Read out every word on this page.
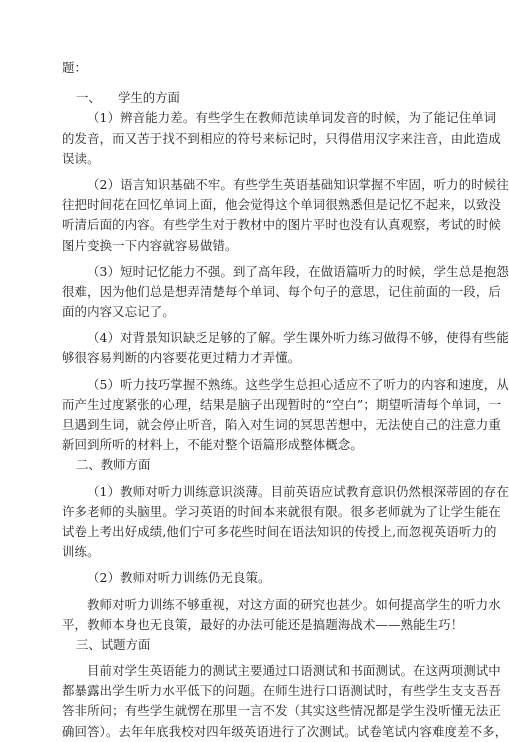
题：
一、 学生的方面
（1）辨音能力差。有些学生在教师范读单词发音的时候，为了能记住单词
的发音，而又苦于找不到相应的符号来标记时，只得借用汉字来注音，由此造成
误读。
（2）语言知识基础不牢。有些学生英语基础知识掌握不牢固，听力的时候往
往把时间花在回忆单词上面，他会觉得这个单词很熟悉但是记忆不起来，以致没
听清后面的内容。有些学生对于教材中的图片平时也没有认真观察，考试的时候
图片变换一下内容就容易做错。
（3）短时记忆能力不强。到了高年段，在做语篇听力的时候，学生总是抱怨
很难，因为他们总是想弄清楚每个单词、每个句子的意思，记住前面的一段，后
面的内容又忘记了。
（4）对背景知识缺乏足够的了解。学生课外听力练习做得不够，使得有些能
够很容易判断的内容要花更过精力才弄懂。
（5）听力技巧掌握不熟练。这些学生总担心适应不了听力的内容和速度，从
而产生过度紧张的心理，结果是脑子出现暂时的“空白”；期望听清每个单词，一
旦遇到生词，就会停止听音，陷入对生词的冥思苦想中，无法使自己的注意力重
新回到所听的材料上，不能对整个语篇形成整体概念。
二、教师方面
（1）教师对听力训练意识淡薄。目前英语应试教育意识仍然根深蒂固的存在
许多老师的头脑里。学习英语的时间本来就很有限。很多老师就为了让学生能在
试卷上考出好成绩,他们宁可多花些时间在语法知识的传授上,而忽视英语听力的
训练。
（2）教师对听力训练仍无良策。
教师对听力训练不够重视，对这方面的研究也甚少。如何提高学生的听力水
平，教师本身也无良策，最好的办法可能还是搞题海战术——熟能生巧！
三、试题方面
目前对学生英语能力的测试主要通过口语测试和书面测试。在这两项测试中
都暴露出学生听力水平低下的问题。在师生进行口语测试时，有些学生支支吾吾
答非所问；有些学生就愣在那里一言不发（其实这些情况都是学生没听懂无法正
确回答）。去年年底我校对四年级英语进行了次测试。试卷笔试内容难度差不多，
